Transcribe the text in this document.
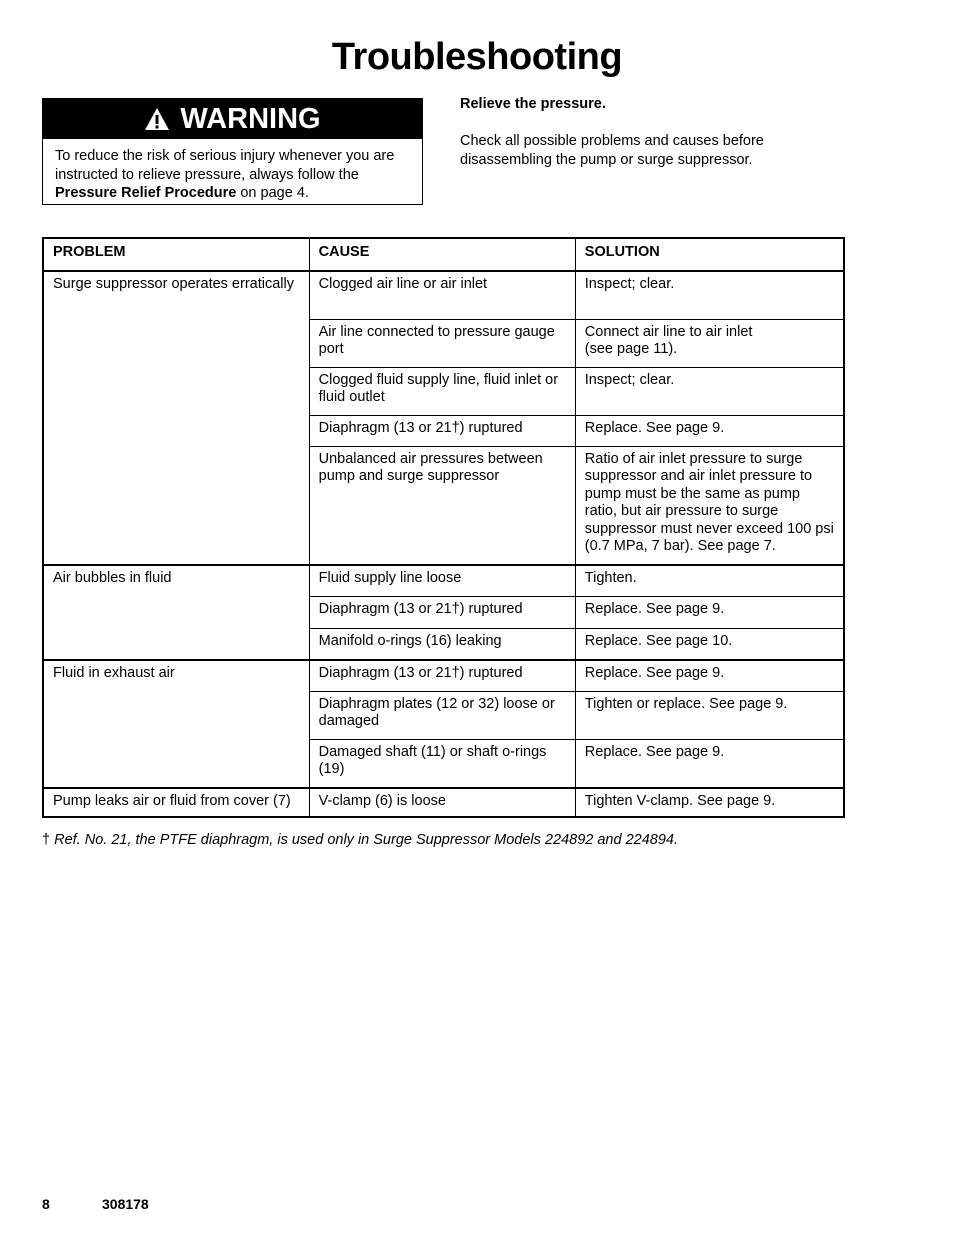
Troubleshooting
WARNING
To reduce the risk of serious injury whenever you are instructed to relieve pressure, always follow the Pressure Relief Procedure on page 4.
Relieve the pressure.
Check all possible problems and causes before disassembling the pump or surge suppressor.
PROBLEM	CAUSE	SOLUTION
Surge suppressor operates erratically	Clogged air line or air inlet	Inspect; clear.
	Air line connected to pressure gauge port	Connect air line to air inlet (see page 11).

	Clogged fluid supply line, fluid inlet or fluid outlet	Inspect; clear.
	Diaphragm (13 or 21†) ruptured	Replace. See page 9.
	Unbalanced air pressures between pump and surge suppressor	Ratio of air inlet pressure to surge suppressor and air inlet pressure to pump must be the same as pump ratio, but air pressure to surge suppressor must never exceed 100 psi (0.7 MPa, 7 bar). See page 7.
Air bubbles in fluid	Fluid supply line loose	Tighten.
	Diaphragm (13 or 21†) ruptured	Replace. See page 9.
	Manifold o-rings (16) leaking	Replace. See page 10.
Fluid in exhaust air	Diaphragm (13 or 21†) ruptured	Replace. See page 9.
	Diaphragm plates (12 or 32) loose or damaged	Tighten or replace. See page 9.
	Damaged shaft (11) or shaft o-rings (19)	Replace. See page 9.
Pump leaks air or fluid from cover (7)	V-clamp (6) is loose	Tighten V-clamp. See page 9.
† Ref. No. 21, the PTFE diaphragm, is used only in Surge Suppressor Models 224892 and 224894.
8	308178
